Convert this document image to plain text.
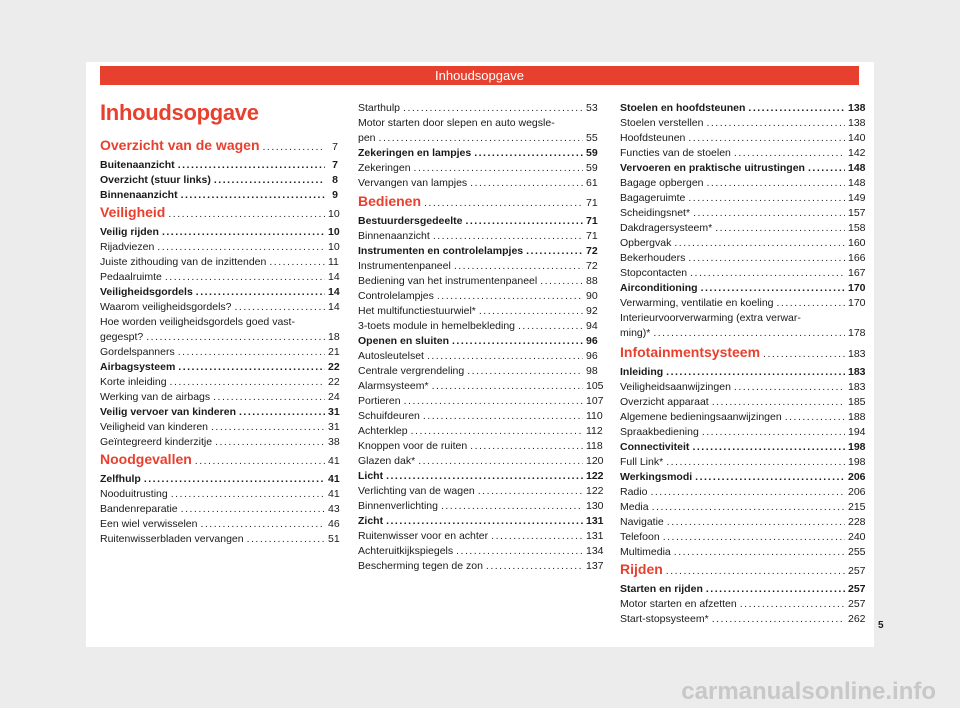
Inhoudsopgave
Inhoudsopgave
Overzicht van de wagen .....	7
Buitenaanzicht .....	7
Overzicht (stuur links) .....	8
Binnenaanzicht .....	9
Veiligheid .....	10
Veilig rijden .....	10
Rijadviezen .....	10
Juiste zithouding van de inzittenden .....	11
Pedaalruimte .....	14
Veiligheidsgordels .....	14
Waarom veiligheidsgordels? .....	14
Hoe worden veiligheidsgordels goed vast-
gegespt? .....	18
Gordelspanners .....	21
Airbagsysteem .....	22
Korte inleiding .....	22
Werking van de airbags .....	24
Veilig vervoer van kinderen .....	31
Veiligheid van kinderen .....	31
Geïntegreerd kinderzitje .....	38
Noodgevallen .....	41
Zelfhulp .....	41
Nooduitrusting .....	41
Bandenreparatie .....	43
Een wiel verwisselen .....	46
Ruitenwisserbladen vervangen .....	51
Starthulp .....	53
Motor starten door slepen en auto wegsle-
pen .....	55
Zekeringen en lampjes .....	59
Zekeringen .....	59
Vervangen van lampjes .....	61
Bedienen .....	71
Bestuurdersgedeelte .....	71
Binnenaanzicht .....	71
Instrumenten en controlelampjes .....	72
Instrumentenpaneel .....	72
Bediening van het instrumentenpaneel .....	88
Controlelampjes .....	90
Het multifunctiestuurwiel* .....	92
3-toets module in hemelbekleding .....	94
Openen en sluiten .....	96
Autosleutelset .....	96
Centrale vergrendeling .....	98
Alarmsysteem* .....	105
Portieren .....	107
Schuifdeuren .....	110
Achterklep .....	112
Knoppen voor de ruiten .....	118
Glazen dak* .....	120
Licht .....	122
Verlichting van de wagen .....	122
Binnenverlichting .....	130
Zicht .....	131
Ruitenwisser voor en achter .....	131
Achteruitkijkspiegels .....	134
Bescherming tegen de zon .....	137
Stoelen en hoofdsteunen .....	138
Stoelen verstellen .....	138
Hoofdsteunen .....	140
Functies van de stoelen .....	142
Vervoeren en praktische uitrustingen .....	148
Bagage opbergen .....	148
Bagageruimte .....	149
Scheidingsnet* .....	157
Dakdragersysteem* .....	158
Opbergvak .....	160
Bekerhouders .....	166
Stopcontacten .....	167
Airconditioning .....	170
Verwarming, ventilatie en koeling .....	170
Interieurvoorverwarming (extra verwar-
ming)* .....	178
Infotainmentsysteem .....	183
Inleiding .....	183
Veiligheidsaanwijzingen .....	183
Overzicht apparaat .....	185
Algemene bedieningsaanwijzingen .....	188
Spraakbediening .....	194
Connectiviteit .....	198
Full Link* .....	198
Werkingsmodi .....	206
Radio .....	206
Media .....	215
Navigatie .....	228
Telefoon .....	240
Multimedia .....	255
Rijden .....	257
Starten en rijden .....	257
Motor starten en afzetten .....	257
Start-stopsysteem* .....	262
5
carmanualsonline.info
